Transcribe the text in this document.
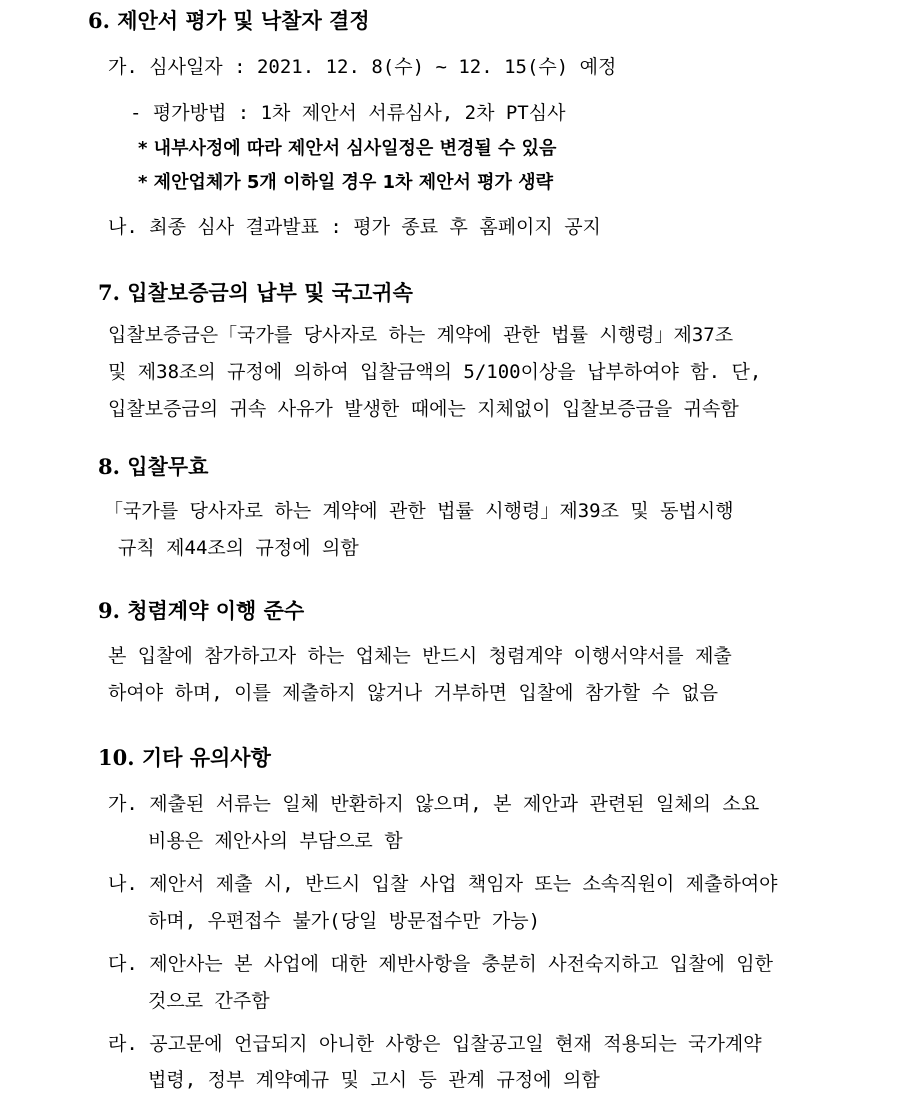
6. 제안서 평가 및 낙찰자 결정
가. 심사일자 : 2021. 12. 8(수) ~ 12. 15(수) 예정
- 평가방법 : 1차 제안서 서류심사, 2차 PT심사
* 내부사정에 따라 제안서 심사일정은 변경될 수 있음
* 제안업체가 5개 이하일 경우 1차 제안서 평가 생략
나. 최종 심사 결과발표 : 평가 종료 후 홈페이지 공지
7. 입찰보증금의 납부 및 국고귀속
입찰보증금은「국가를 당사자로 하는 계약에 관한 법률 시행령」제37조
및 제38조의 규정에 의하여 입찰금액의 5/100이상을 납부하여야 함. 단,
입찰보증금의 귀속 사유가 발생한 때에는 지체없이 입찰보증금을 귀속함
8. 입찰무효
「국가를 당사자로 하는 계약에 관한 법률 시행령」제39조 및 동법시행
규칙 제44조의 규정에 의함
9. 청렴계약 이행 준수
본 입찰에 참가하고자 하는 업체는 반드시 청렴계약 이행서약서를 제출
하여야 하며, 이를 제출하지 않거나 거부하면 입찰에 참가할 수 없음
10. 기타 유의사항
가. 제출된 서류는 일체 반환하지 않으며, 본 제안과 관련된 일체의 소요
비용은 제안사의 부담으로 함
나. 제안서 제출 시, 반드시 입찰 사업 책임자 또는 소속직원이 제출하여야
하며, 우편접수 불가(당일 방문접수만 가능)
다. 제안사는 본 사업에 대한 제반사항을 충분히 사전숙지하고 입찰에 임한
것으로 간주함
라. 공고문에 언급되지 아니한 사항은 입찰공고일 현재 적용되는 국가계약
법령, 정부 계약예규 및 고시 등 관계 규정에 의함
